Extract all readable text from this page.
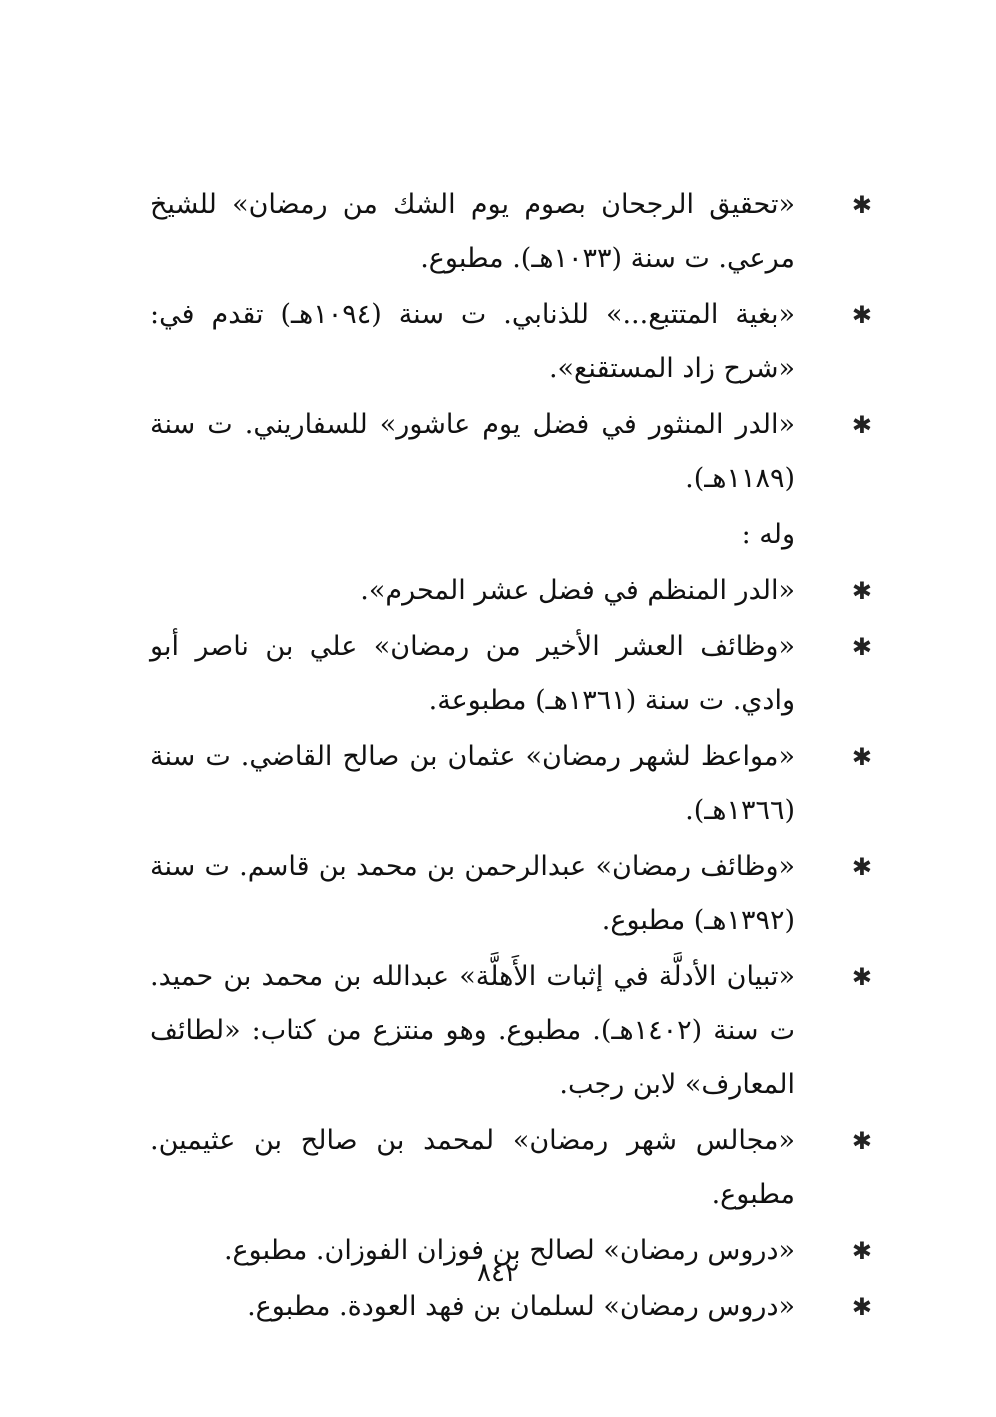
✱
«تحقيق الرجحان بصوم يوم الشك من رمضان» للشيخ مرعي. ت سنة (١٠٣٣هـ). مطبوع.
✱
«بغية المتتبع...» للذنابي. ت سنة (١٠٩٤هـ) تقدم في: «شرح زاد المستقنع».
✱
«الدر المنثور في فضل يوم عاشور» للسفاريني. ت سنة (١١٨٩هـ).
وله :
✱
«الدر المنظم في فضل عشر المحرم».
✱
«وظائف العشر الأخير من رمضان» علي بن ناصر أبو وادي. ت سنة (١٣٦١هـ) مطبوعة.
✱
«مواعظ لشهر رمضان» عثمان بن صالح القاضي. ت سنة (١٣٦٦هـ).
✱
«وظائف رمضان» عبدالرحمن بن محمد بن قاسم. ت سنة (١٣٩٢هـ) مطبوع.
✱
«تبيان الأدلَّة في إثبات الأَهلَّة» عبدالله بن محمد بن حميد. ت سنة (١٤٠٢هـ). مطبوع. وهو منتزع من كتاب: «لطائف المعارف» لابن رجب.
✱
«مجالس شهر رمضان» لمحمد بن صالح بن عثيمين. مطبوع.
✱
«دروس رمضان» لصالح بن فوزان الفوزان. مطبوع.
✱
«دروس رمضان» لسلمان بن فهد العودة. مطبوع.
٨٤٢
